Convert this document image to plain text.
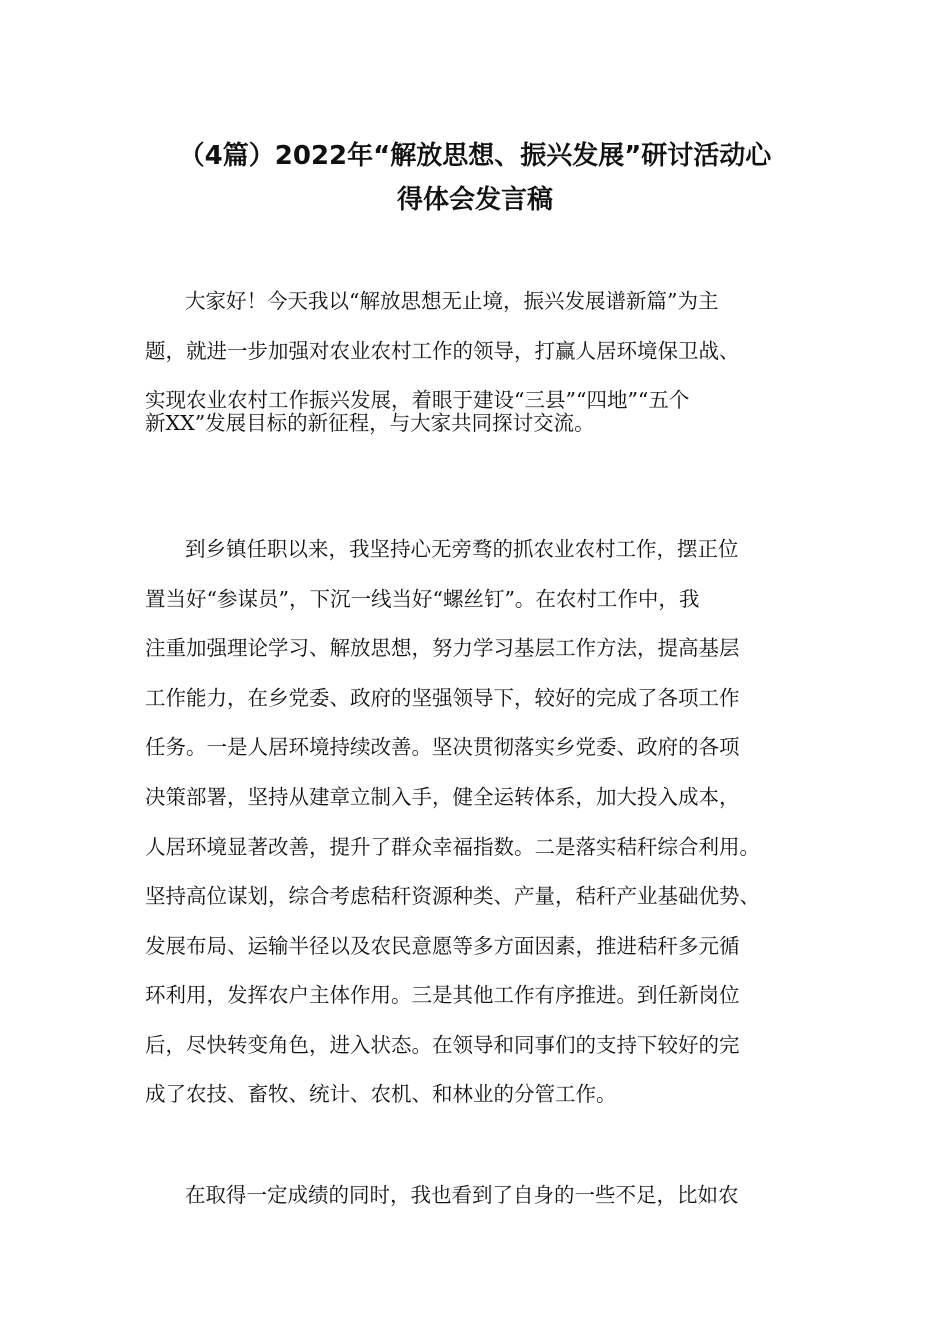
（4篇）2022年“解放思想、振兴发展”研讨活动心
得体会发言稿
大家好！今天我以“解放思想无止境，振兴发展谱新篇”为主
题，就进一步加强对农业农村工作的领导，打赢人居环境保卫战、
实现农业农村工作振兴发展，着眼于建设“三县”“四地”“五个
新XX”发展目标的新征程，与大家共同探讨交流。
到乡镇任职以来，我坚持心无旁骛的抓农业农村工作，摆正位
置当好“参谋员”，下沉一线当好“螺丝钉”。在农村工作中，我
注重加强理论学习、解放思想，努力学习基层工作方法，提高基层
工作能力，在乡党委、政府的坚强领导下，较好的完成了各项工作
任务。一是人居环境持续改善。坚决贯彻落实乡党委、政府的各项
决策部署，坚持从建章立制入手，健全运转体系，加大投入成本，
人居环境显著改善，提升了群众幸福指数。二是落实秸秆综合利用。
坚持高位谋划，综合考虑秸秆资源种类、产量，秸秆产业基础优势、
发展布局、运输半径以及农民意愿等多方面因素，推进秸秆多元循
环利用，发挥农户主体作用。三是其他工作有序推进。到任新岗位
后，尽快转变角色，进入状态。在领导和同事们的支持下较好的完
成了农技、畜牧、统计、农机、和林业的分管工作。
在取得一定成绩的同时，我也看到了自身的一些不足，比如农
